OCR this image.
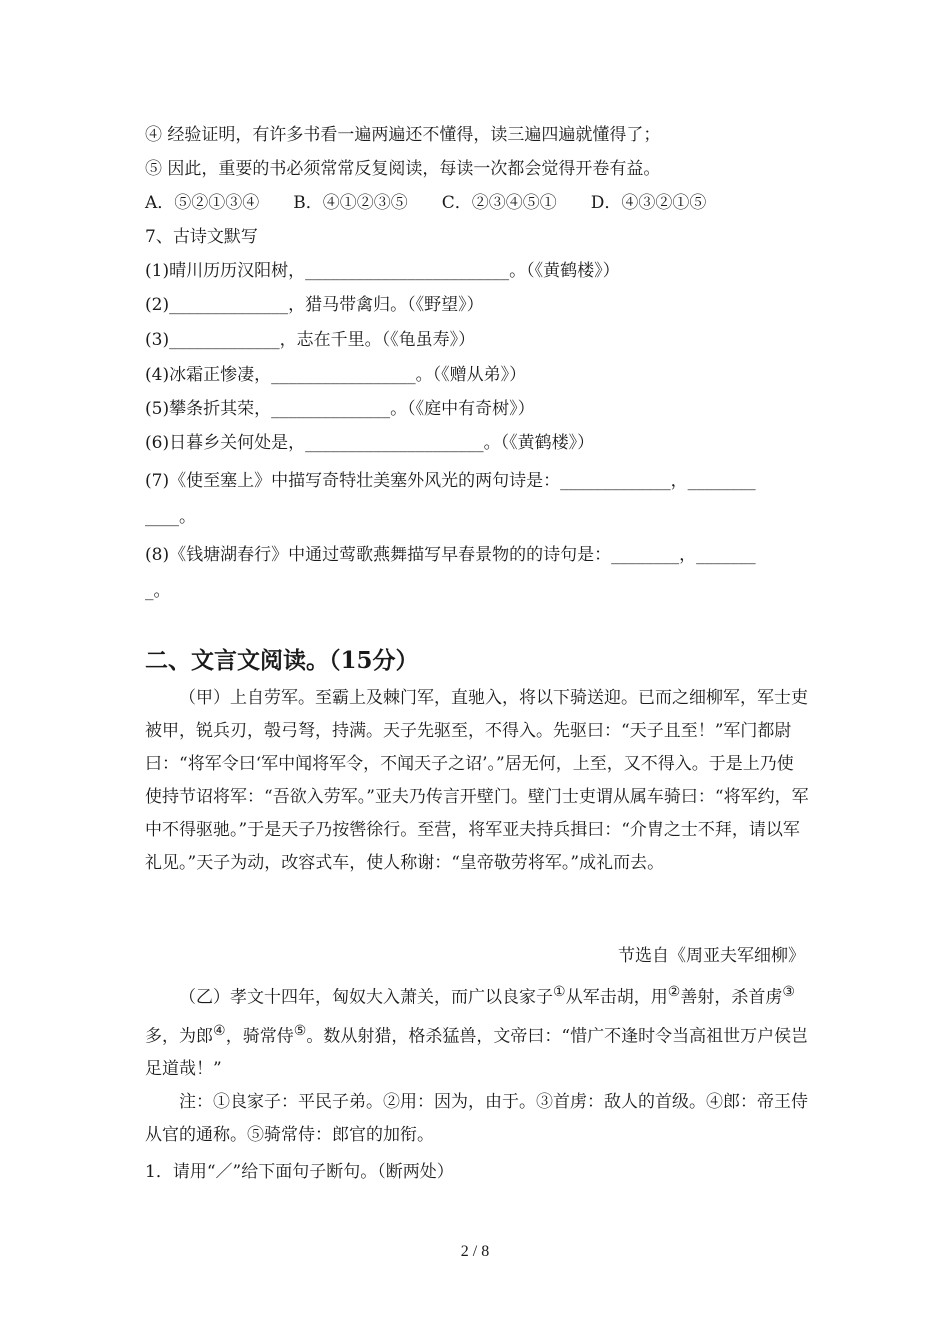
④ 经验证明，有许多书看一遍两遍还不懂得，读三遍四遍就懂得了；
⑤ 因此，重要的书必须常常反复阅读，每读一次都会觉得开卷有益。
A．⑤②①③④ B．④①②③⑤ C．②③④⑤① D．④③②①⑤
7、古诗文默写
(1)晴川历历汉阳树，________________________。（《黄鹤楼》）
(2)______________，猎马带禽归。（《野望》）
(3)_____________，志在千里。（《龟虽寿》）
(4)冰霜正惨凄，_________________。（《赠从弟》）
(5)攀条折其荣，______________。（《庭中有奇树》）
(6)日暮乡关何处是，_____________________。（《黄鹤楼》）
(7)《使至塞上》中描写奇特壮美塞外风光的两句诗是：_____________，________
____。
(8)《钱塘湖春行》中通过莺歌燕舞描写早春景物的的诗句是：________，_______
_。
二、文言文阅读。（15分）
（甲）上自劳军。至霸上及棘门军，直驰入，将以下骑送迎。已而之细柳军，军士吏被甲，锐兵刃，彀弓弩，持满。天子先驱至，不得入。先驱曰：“天子且至！”军门都尉曰：“将军令曰‘军中闻将军令，不闻天子之诏’。”居无何，上至，又不得入。于是上乃使使持节诏将军：“吾欲入劳军。”亚夫乃传言开壁门。壁门士吏谓从属车骑曰：“将军约，军中不得驱驰。”于是天子乃按辔徐行。至营，将军亚夫持兵揖曰：“介胄之士不拜，请以军礼见。”天子为动，改容式车，使人称谢：“皇帝敬劳将军。”成礼而去。
节选自《周亚夫军细柳》
（乙）孝文十四年，匈奴大入萧关，而广以良家子①从军击胡，用②善射，杀首虏③多，为郎④，骑常侍⑤。数从射猎，格杀猛兽，文帝曰：“惜广不逢时令当高祖世万户侯岂足道哉！”
注：①良家子：平民子弟。②用：因为，由于。③首虏：敌人的首级。④郎：帝王侍从官的通称。⑤骑常侍：郎官的加衔。
1．请用“／”给下面句子断句。（断两处）
2 / 8
